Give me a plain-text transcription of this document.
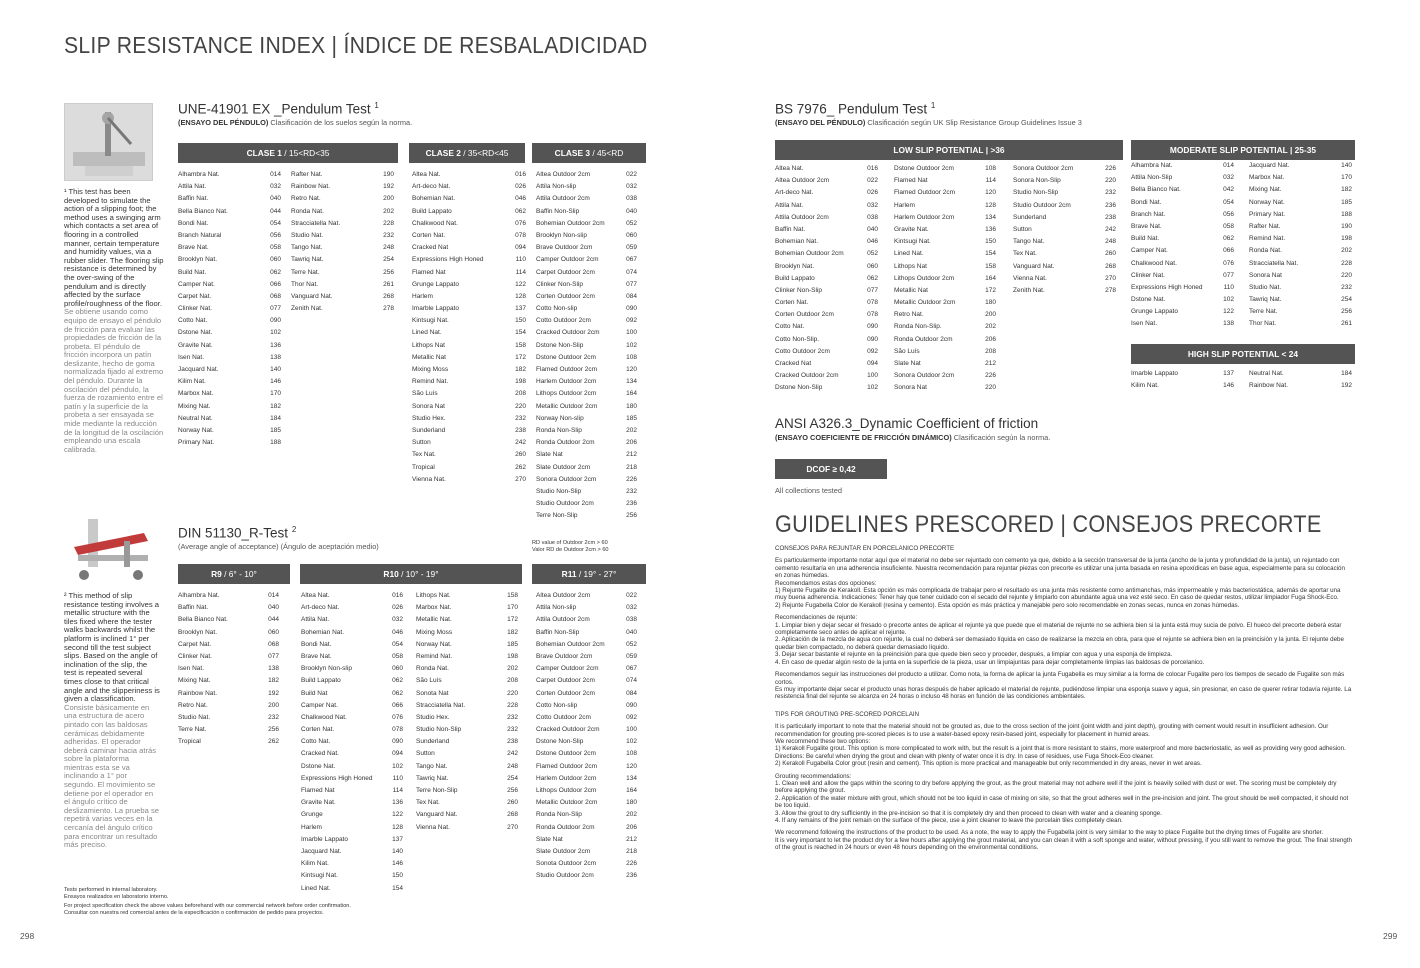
SLIP RESISTANCE INDEX | ÍNDICE DE RESBALADICIDAD
UNE-41901 EX _Pendulum Test $^1$
(ENSAYO DEL PÉNDULO) Clasificación de los suelos según la norma.
CLASE 1 / 15<RD<35	CLASE 2 / 35<RD<45	CLASE 3 / 45<RD
Alhambra Nat.	014
Attila Nat.	032
Baffin Nat.	040
Bella Bianco Nat.	044
Bondi Nat.	054
Branch Natural	056
Brave Nat.	058
Brooklyn Nat.	060
Build Nat.	062
Camper Nat.	066
Carpet Nat.	068
Clinker Nat.	077
Cotto Nat.	090
Dstone Nat.	102
Gravite Nat.	136
Isen Nat.	138
Jacquard Nat.	140
Kilim Nat.	146
Marbox Nat.	170
Mixing Nat.	182
Neutral Nat.	184
Norway Nat.	185
Primary Nat.	188
Rafter Nat.	190
Rainbow Nat.	192
Retro Nat.	200
Ronda Nat.	202
Stracciatella Nat.	228
Studio Nat.	232
Tango Nat.	248
Tawriq Nat.	254
Terre Nat.	256
Thor Nat.	261
Vanguard Nat.	268
Zenith Nat.	278
Altea Nat.	016
Art-deco Nat.	026
Bohemian Nat.	046
Build Lappato	062
Chalkwood Nat.	076
Corten Nat.	078
Cracked Nat	094
Expressions High Honed	110
Flamed Nat	114
Grunge Lappato	122
Harlem	128
Imarble Lappato	137
Kintsugi Nat.	150
Lined Nat.	154
Lithops Nat	158
Metallic Nat	172
Mixing Moss	182
Remind Nat.	198
São Luís	208
Sonora Nat	220
Studio Hex.	232
Sunderland	238
Sutton	242
Tex Nat.	260
Tropical	262
Vienna Nat.	270
Altea Outdoor 2cm	022
Attila Non-slip	032
Attila Outdoor 2cm	038
Baffin Non-Slip	040
Bohemian Outdoor 2cm	052
Brooklyn Non-slip	060
Brave Outdoor 2cm	059
Camper Outdoor 2cm	067
Carpet Outdoor 2cm	074
Clinker Non-Slip	077
Corten Outdoor 2cm	084
Cotto Non-slip	090
Cotto Outdoor 2cm	092
Cracked Outdoor 2cm	100
Dstone Non-Slip	102
Dstone Outdoor 2cm	108
Flamed Outdoor 2cm	120
Harlem Outdoor 2cm	134
Lithops Outdoor 2cm	164
Metallic Outdoor 2cm	180
Norway Non-slip	185
Ronda Non-Slip	202
Ronda Outdoor 2cm	206
Slate Nat	212
Slate Outdoor 2cm	218
Sonora Outdoor 2cm	226
Studio Non-Slip	232
Studio Outdoor 2cm	236
Terre Non-Slip	256
RD value of Outdoor 2cm > 60
Valor RD de Outdoor 2cm > 60
¹ This test has been developed to simulate the action of a slipping foot; the method uses a swinging arm which contacts a set area of flooring in a controlled manner, certain temperature and humidity values, via a rubber slider. The flooring slip resistance is determined by the over-swing of the pendulum and is directly affected by the surface profile/roughness of the floor.
Se obtiene usando como equipo de ensayo el péndulo de fricción para evaluar las propiedades de fricción de la probeta. El péndulo de fricción incorpora un patín deslizante, hecho de goma normalizada fijado al extremo del péndulo. Durante la oscilación del péndulo, la fuerza de rozamiento entre el patín y la superficie de la probeta a ser ensayada se mide mediante la reducción de la longitud de la oscilación empleando una escala calibrada.
DIN 51130_R-Test $^2$
(Average angle of acceptance) (Ángulo de aceptación medio)
R9 / 6° - 10°	R10 / 10° - 19°	R11 / 19° - 27°
Alhambra Nat.	014
Baffin Nat.	040
Bella Bianco Nat.	044
Brooklyn Nat.	060
Carpet Nat.	068
Clinker Nat.	077
Isen Nat.	138
Mixing Nat.	182
Rainbow Nat.	192
Retro Nat.	200
Studio Nat.	232
Terre Nat.	256
Tropical	262
Altea Nat.	016
Art-deco Nat.	026
Attila Nat.	032
Bohemian Nat.	046
Bondi Nat.	054
Brave Nat.	058
Brooklyn Non-slip	060
Build Lappato	062
Build Nat	062
Camper Nat.	066
Chalkwood Nat.	076
Corten Nat.	078
Cotto Nat.	090
Cracked Nat.	094
Dstone Nat.	102
Expressions High Honed	110
Flamed Nat	114
Gravite Nat.	136
Grunge	122
Harlem	128
Imarble Lappato	137
Jacquard Nat.	140
Kilim Nat.	146
Kintsugi Nat.	150
Lined Nat.	154
Lithops Nat.	158
Marbox Nat.	170
Metallic Nat.	172
Mixing Moss	182
Norway Nat.	185
Remind Nat.	198
Ronda Nat.	202
São Luís	208
Sonota Nat	220
Stracciatella Nat.	228
Studio Hex.	232
Studio Non-Slip	232
Sunderland	238
Sutton	242
Tango Nat.	248
Tawriq Nat.	254
Terre Non-Slip	256
Tex Nat.	260
Vanguard Nat.	268
Vienna Nat.	270
Altea Outdoor 2cm	022
Attila Non-slip	032
Attila Outdoor 2cm	038
Baffin Non-Slip	040
Bohemian Outdoor 2cm	052
Brave Outdoor 2cm	059
Camper Outdoor 2cm	067
Carpet Outdoor 2cm	074
Corten Outdoor 2cm	084
Cotto Non-slip	090
Cotto Outdoor 2cm	092
Cracked Outdoor 2cm	100
Dstone Non-Slip	102
Dstone Outdoor 2cm	108
Flamed Outdoor 2cm	120
Harlem Outdoor 2cm	134
Lithops Outdoor 2cm	164
Metallic Outdoor 2cm	180
Ronda Non-Slip	202
Ronda Outdoor 2cm	206
Slate Nat	212
Slate Outdoor 2cm	218
Sonota Outdoor 2cm	226
Studio Outdoor 2cm	236
² This method of slip resistance testing involves a metallic structure with the tiles fixed where the tester walks backwards whilst the platform is inclined 1° per second till the test subject slips. Based on the angle of inclination of the slip, the test is repeated several times close to that critical angle and the slipperiness is given a classification.
Consiste básicamente en una estructura de acero pintado con las baldosas cerámicas debidamente adheridas. El operador deberá caminar hacia atrás sobre la plataforma mientras esta se va inclinando a 1° por segundo. El movimiento se detiene por el operador en el ángulo crítico de deslizamiento. La prueba se repetirá varias veces en la cercanía del ángulo crítico para encontrar un resultado más preciso.
Tests performed in internal laboratory.
Ensayos realizados en laboratorio interno.
For project specification check the above values beforehand with our commercial network before order confirmation.
Consultar con nuestra red comercial antes de la especificación o confirmación de pedido para proyectos.
298
BS 7976_ Pendulum Test $^1$
(ENSAYO DEL PÉNDULO) Clasificación según UK Slip Resistance Group Guidelines Issue 3
LOW SLIP POTENTIAL | >36	MODERATE SLIP POTENTIAL | 25-35
Altea Nat.	016
Altea Outdoor 2cm	022
Art-deco Nat.	026
Attila Nat.	032
Attila Outdoor 2cm	038
Baffin Nat.	040
Bohemian Nat.	046
Bohemian Outdoor 2cm	052
Brooklyn Nat.	060
Build Lappato	062
Clinker Non-Slip	077
Corten Nat.	078
Corten Outdoor 2cm	078
Cotto Nat.	090
Cotto Non-Slip.	090
Cotto Outdoor 2cm	092
Cracked Nat	094
Cracked Outdoor 2cm	100
Dstone Non-Slip	102
Dstone Outdoor 2cm	108
Flamed Nat	114
Flamed Outdoor 2cm	120
Harlem	128
Harlem Outdoor 2cm	134
Gravite Nat.	136
Kintsugi Nat.	150
Lined Nat.	154
Lithops Nat	158
Lithops Outdoor 2cm	164
Metallic Nat	172
Metallic Outdoor 2cm	180
Retro Nat.	200
Ronda Non-Slip.	202
Ronda Outdoor 2cm	206
São Luís	208
Slate Nat	212
Sonora Outdoor 2cm	226
Sonora Nat	220
Sonora Outdoor 2cm	226
Sonora Non-Slip	220
Studio Non-Slip	232
Studio Outdoor 2cm	236
Sunderland	238
Sutton	242
Tango Nat.	248
Tex Nat.	260
Vanguard Nat.	268
Vienna Nat.	270
Zenith Nat.	278
Alhambra Nat.	014
Attila Non-Slip	032
Bella Bianco Nat.	042
Bondi Nat.	054
Branch Nat.	056
Brave Nat.	058
Build Nat.	062
Camper Nat.	066
Chalkwood Nat.	076
Clinker Nat.	077
Expressions High Honed	110
Dstone Nat.	102
Grunge Lappato	122
Isen Nat.	138
Jacquard Nat.	140
Marbox Nat.	170
Mixing Nat.	182
Norway Nat.	185
Primary Nat.	188
Rafter Nat.	190
Remind Nat.	198
Ronda Nat.	202
Stracciatella Nat.	228
Sonora Nat	220
Studio Nat.	232
Tawriq Nat.	254
Terre Nat.	256
Thor Nat.	261
HIGH SLIP POTENTIAL < 24
Imarble Lappato	137
Kilim Nat.	146
Neutral Nat.	184
Rainbow Nat.	192
ANSI A326.3_Dynamic Coefficient of friction
(ENSAYO COEFICIENTE DE FRICCIÓN DINÁMICO) Clasificación según la norma.
DCOF ≥ 0,42
All collections tested
GUIDELINES PRESCORED | CONSEJOS PRECORTE

CONSEJOS PARA REJUNTAR EN PORCELANICO PRECORTE

Es particularmente importante notar aquí que el material no debe ser rejuntado con cemento ya que, debido a la sección transversal de la junta (ancho de la junta y profundidad de la junta), un rejuntado con cemento resultaría en una adherencia insuficiente. Nuestra recomendación para rejuntar piezas con precorte es utilizar una junta basada en resina epoxídicas en base agua, especialmente para su colocación en zonas húmedas.

Recomendamos estas dos opciones:

1) Rejunte Fugalite de Kerakoll. Esta opción es más complicada de trabajar pero el resultado es una junta más resistente como antimanchas, más impermeable y más bacteriostática, además de aportar una muy buena adherencia. Indicaciones: Tener hay que tener cuidado con el secado del rejunte y limpiarlo con abundante agua una vez esté seco. En caso de quedar restos, utilizar limpiador Fuga Shock-Eco.

2) Rejunte Fugabella Color de Kerakoll (resina y cemento). Esta opción es más práctica y manejable pero solo recomendable en zonas secas, nunca en zonas húmedas.

Recomendaciones de rejunte:

1. Limpiar bien y dejar secar el fresado o precorte antes de aplicar el rejunte ya que puede que el material de rejunte no se adhiera bien si la junta está muy sucia de polvo. El hueco del precorte deberá estar completamente seco antes de aplicar el rejunte.

2. Aplicación de la mezcla de agua con rejunte, la cual no deberá ser demasiado líquida en caso de realizarse la mezcla en obra, para que el rejunte se adhiera bien en la preincisión y la junta. El rejunte debe quedar bien compactado, no deberá quedar demasiado líquido.

3. Dejar secar bastante el rejunte en la preincisión para que quede bien seco y proceder, después, a limpiar con agua y una esponja de limpieza.

4. En caso de quedar algún resto de la junta en la superficie de la pieza, usar un limpiajuntas para dejar completamente limpias las baldosas de porcelanico.

Recomendamos seguir las instrucciones del producto a utilizar. Como nota, la forma de aplicar la junta Fugabella es muy similar a la forma de colocar Fugalite pero los tiempos de secado de Fugalite son más cortos.

Es muy importante dejar secar el producto unas horas después de haber aplicado el material de rejunte, pudiéndose limpiar una esponja suave y agua, sin presionar, en caso de querer retirar todavía rejunte. La resistencia final del rejunte se alcanza en 24 horas o incluso 48 horas en función de las condiciones ambientales.

TIPS FOR GROUTING PRE-SCORED PORCELAIN

It is particularly important to note that the material should not be grouted as, due to the cross section of the joint (joint width and joint depth), grouting with cement would result in insufficient adhesion. Our recommendation for grouting pre-scored pieces is to use a water-based epoxy resin-based joint, especially for placement in humid areas.

We recommend these two options:

1) Kerakoll Fugalite grout. This option is more complicated to work with, but the result is a joint that is more resistant to stains, more waterproof and more bacteriostatic, as well as providing very good adhesion. Directions: Be careful when drying the grout and clean with plenty of water once it is dry. In case of residues, use Fuga Shock-Eco cleaner.

2) Kerakoll Fugabella Color grout (resin and cement). This option is more practical and manageable but only recommended in dry areas, never in wet areas.

Grouting recommendations:

1. Clean well and allow the gaps within the scoring to dry before applying the grout, as the grout material may not adhere well if the joint is heavily soiled with dust or wet. The scoring must be completely dry before applying the grout.

2. Application of the water mixture with grout, which should not be too liquid in case of mixing on site, so that the grout adheres well in the pre-incision and joint. The grout should be well compacted, it should not be too liquid.

3. Allow the grout to dry sufficiently in the pre-incision so that it is completely dry and then proceed to clean with water and a cleaning sponge.

4. If any remains of the joint remain on the surface of the piece, use a joint cleaner to leave the porcelain tiles completely clean.

We recommend following the instructions of the product to be used. As a note, the way to apply the Fugabella joint is very similar to the way to place Fugalite but the drying times of Fugalite are shorter.

It is very important to let the product dry for a few hours after applying the grout material, and you can clean it with a soft sponge and water, without pressing, if you still want to remove the grout. The final strength of the grout is reached in 24 hours or even 48 hours depending on the environmental conditions.

299
